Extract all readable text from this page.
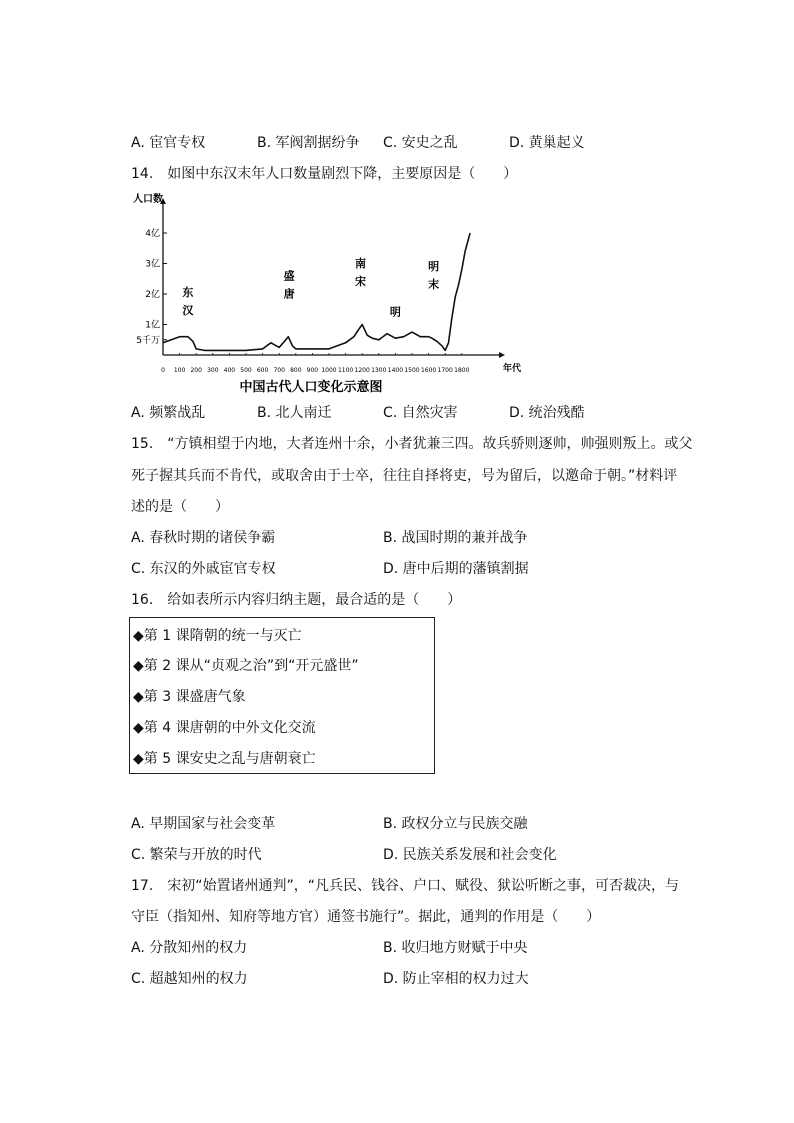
A. 宦官专权	B. 军阀割据纷争 C. 安史之乱	D. 黄巢起义
14.　如图中东汉末年人口数量剧烈下降，主要原因是（　　）
5千万
1亿
2亿
3亿
4亿
0 100 200 300 400 500 600 700 800 900 1000 1100 1200 1300 1400 1500 1600 1700 1800
人口数
年代
中国古代人口变化示意图
东
汉
盛
唐
南
宋
明
明
末
A. 频繁战乱	B. 北人南迁	C. 自然灾害	D. 统治残酷
15.　“方镇相望于内地，大者连州十余，小者犹兼三四。故兵骄则逐帅，帅强则叛上。或父
死子握其兵而不肯代，或取舍由于士卒，往往自择将吏，号为留后，以邀命于朝。”材料评
述的是（　　）
A. 春秋时期的诸侯争霸	B. 战国时期的兼并战争
C. 东汉的外戚宦官专权	D. 唐中后期的藩镇割据
16.　给如表所示内容归纳主题，最合适的是（　　）
◆第 1 课隋朝的统一与灭亡
◆第 2 课从“贞观之治”到“开元盛世”
◆第 3 课盛唐气象
◆第 4 课唐朝的中外文化交流
◆第 5 课安史之乱与唐朝衰亡
A. 早期国家与社会变革	B. 政权分立与民族交融
C. 繁荣与开放的时代	D. 民族关系发展和社会变化
17.　宋初“始置诸州通判”，“凡兵民、钱谷、户口、赋役、狱讼听断之事，可否裁决，与
守臣（指知州、知府等地方官）通签书施行”。据此，通判的作用是（　　）
A. 分散知州的权力	B. 收归地方财赋于中央
C. 超越知州的权力	D. 防止宰相的权力过大
